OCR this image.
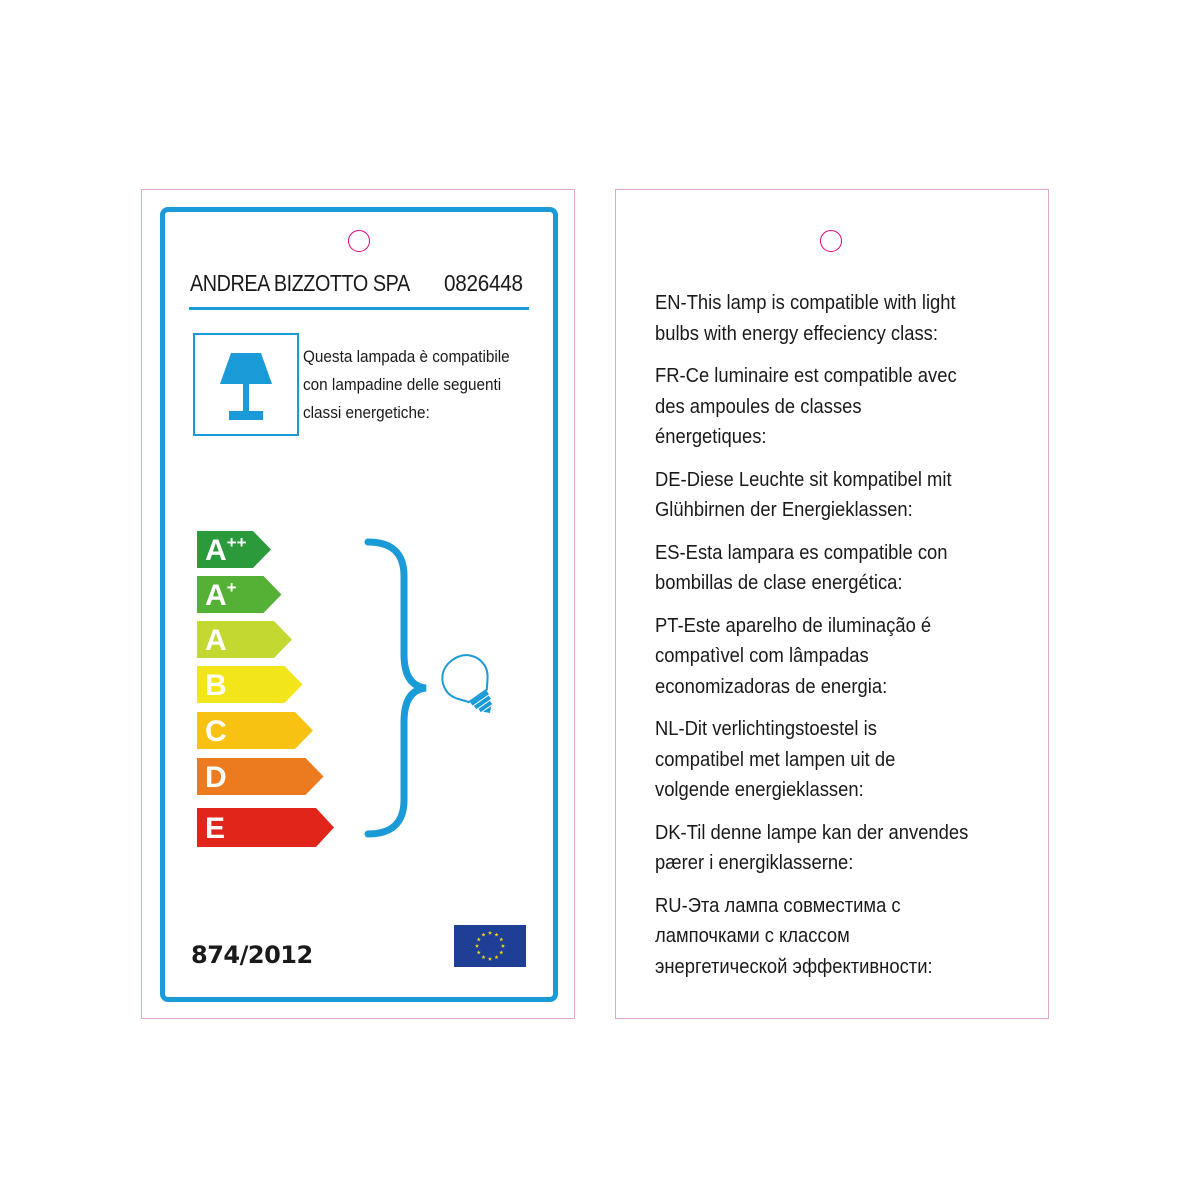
ANDREA BIZZOTTO SPA 0826448
Questa lampada è compatibile
con lampadine delle seguenti
classi energetiche:
A++
A+
A
B
C
D
E
874/2012
EN-This lamp is compatible with light
bulbs with energy effeciency class:
FR-Ce luminaire est compatible avec
des ampoules de classes
énergetiques:
DE-Diese Leuchte sit kompatibel mit
Glühbirnen der Energieklassen:
ES-Esta lampara es compatible con
bombillas de clase energética:
PT-Este aparelho de iluminação é
compatìvel com lâmpadas
economizadoras de energia:
NL-Dit verlichtingstoestel is
compatibel met lampen uit de
volgende energieklassen:
DK-Til denne lampe kan der anvendes
pærer i energiklasserne:
RU-Эта лампа совместима с
лампочками с классом
энергетической эффективности:
